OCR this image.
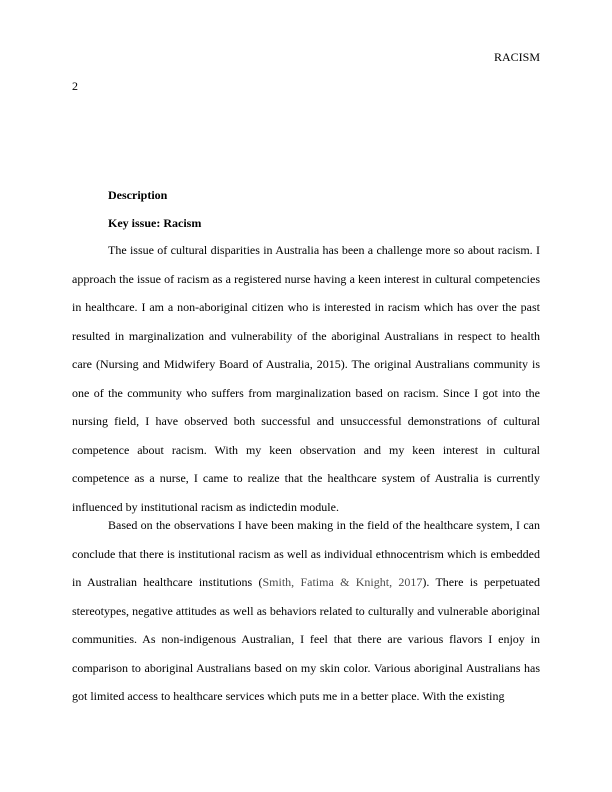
RACISM
2
Description
Key issue: Racism

The issue of cultural disparities in Australia has been a challenge more so about racism. I approach the issue of racism as a registered nurse having a keen interest in cultural competencies in healthcare. I am a non-aboriginal citizen who is interested in racism which has over the past resulted in marginalization and vulnerability of the aboriginal Australians in respect to health care (Nursing and Midwifery Board of Australia, 2015). The original Australians community is one of the community who suffers from marginalization based on racism. Since I got into the nursing field, I have observed both successful and unsuccessful demonstrations of cultural competence about racism. With my keen observation and my keen interest in cultural competence as a nurse, I came to realize that the healthcare system of Australia is currently influenced by institutional racism as indictedin module.

Based on the observations I have been making in the field of the healthcare system, I can conclude that there is institutional racism as well as individual ethnocentrism which is embedded in Australian healthcare institutions (Smith, Fatima & Knight, 2017). There is perpetuated stereotypes, negative attitudes as well as behaviors related to culturally and vulnerable aboriginal communities. As non-indigenous Australian, I feel that there are various flavors I enjoy in comparison to aboriginal Australians based on my skin color. Various aboriginal Australians has got limited access to healthcare services which puts me in a better place. With the existing
